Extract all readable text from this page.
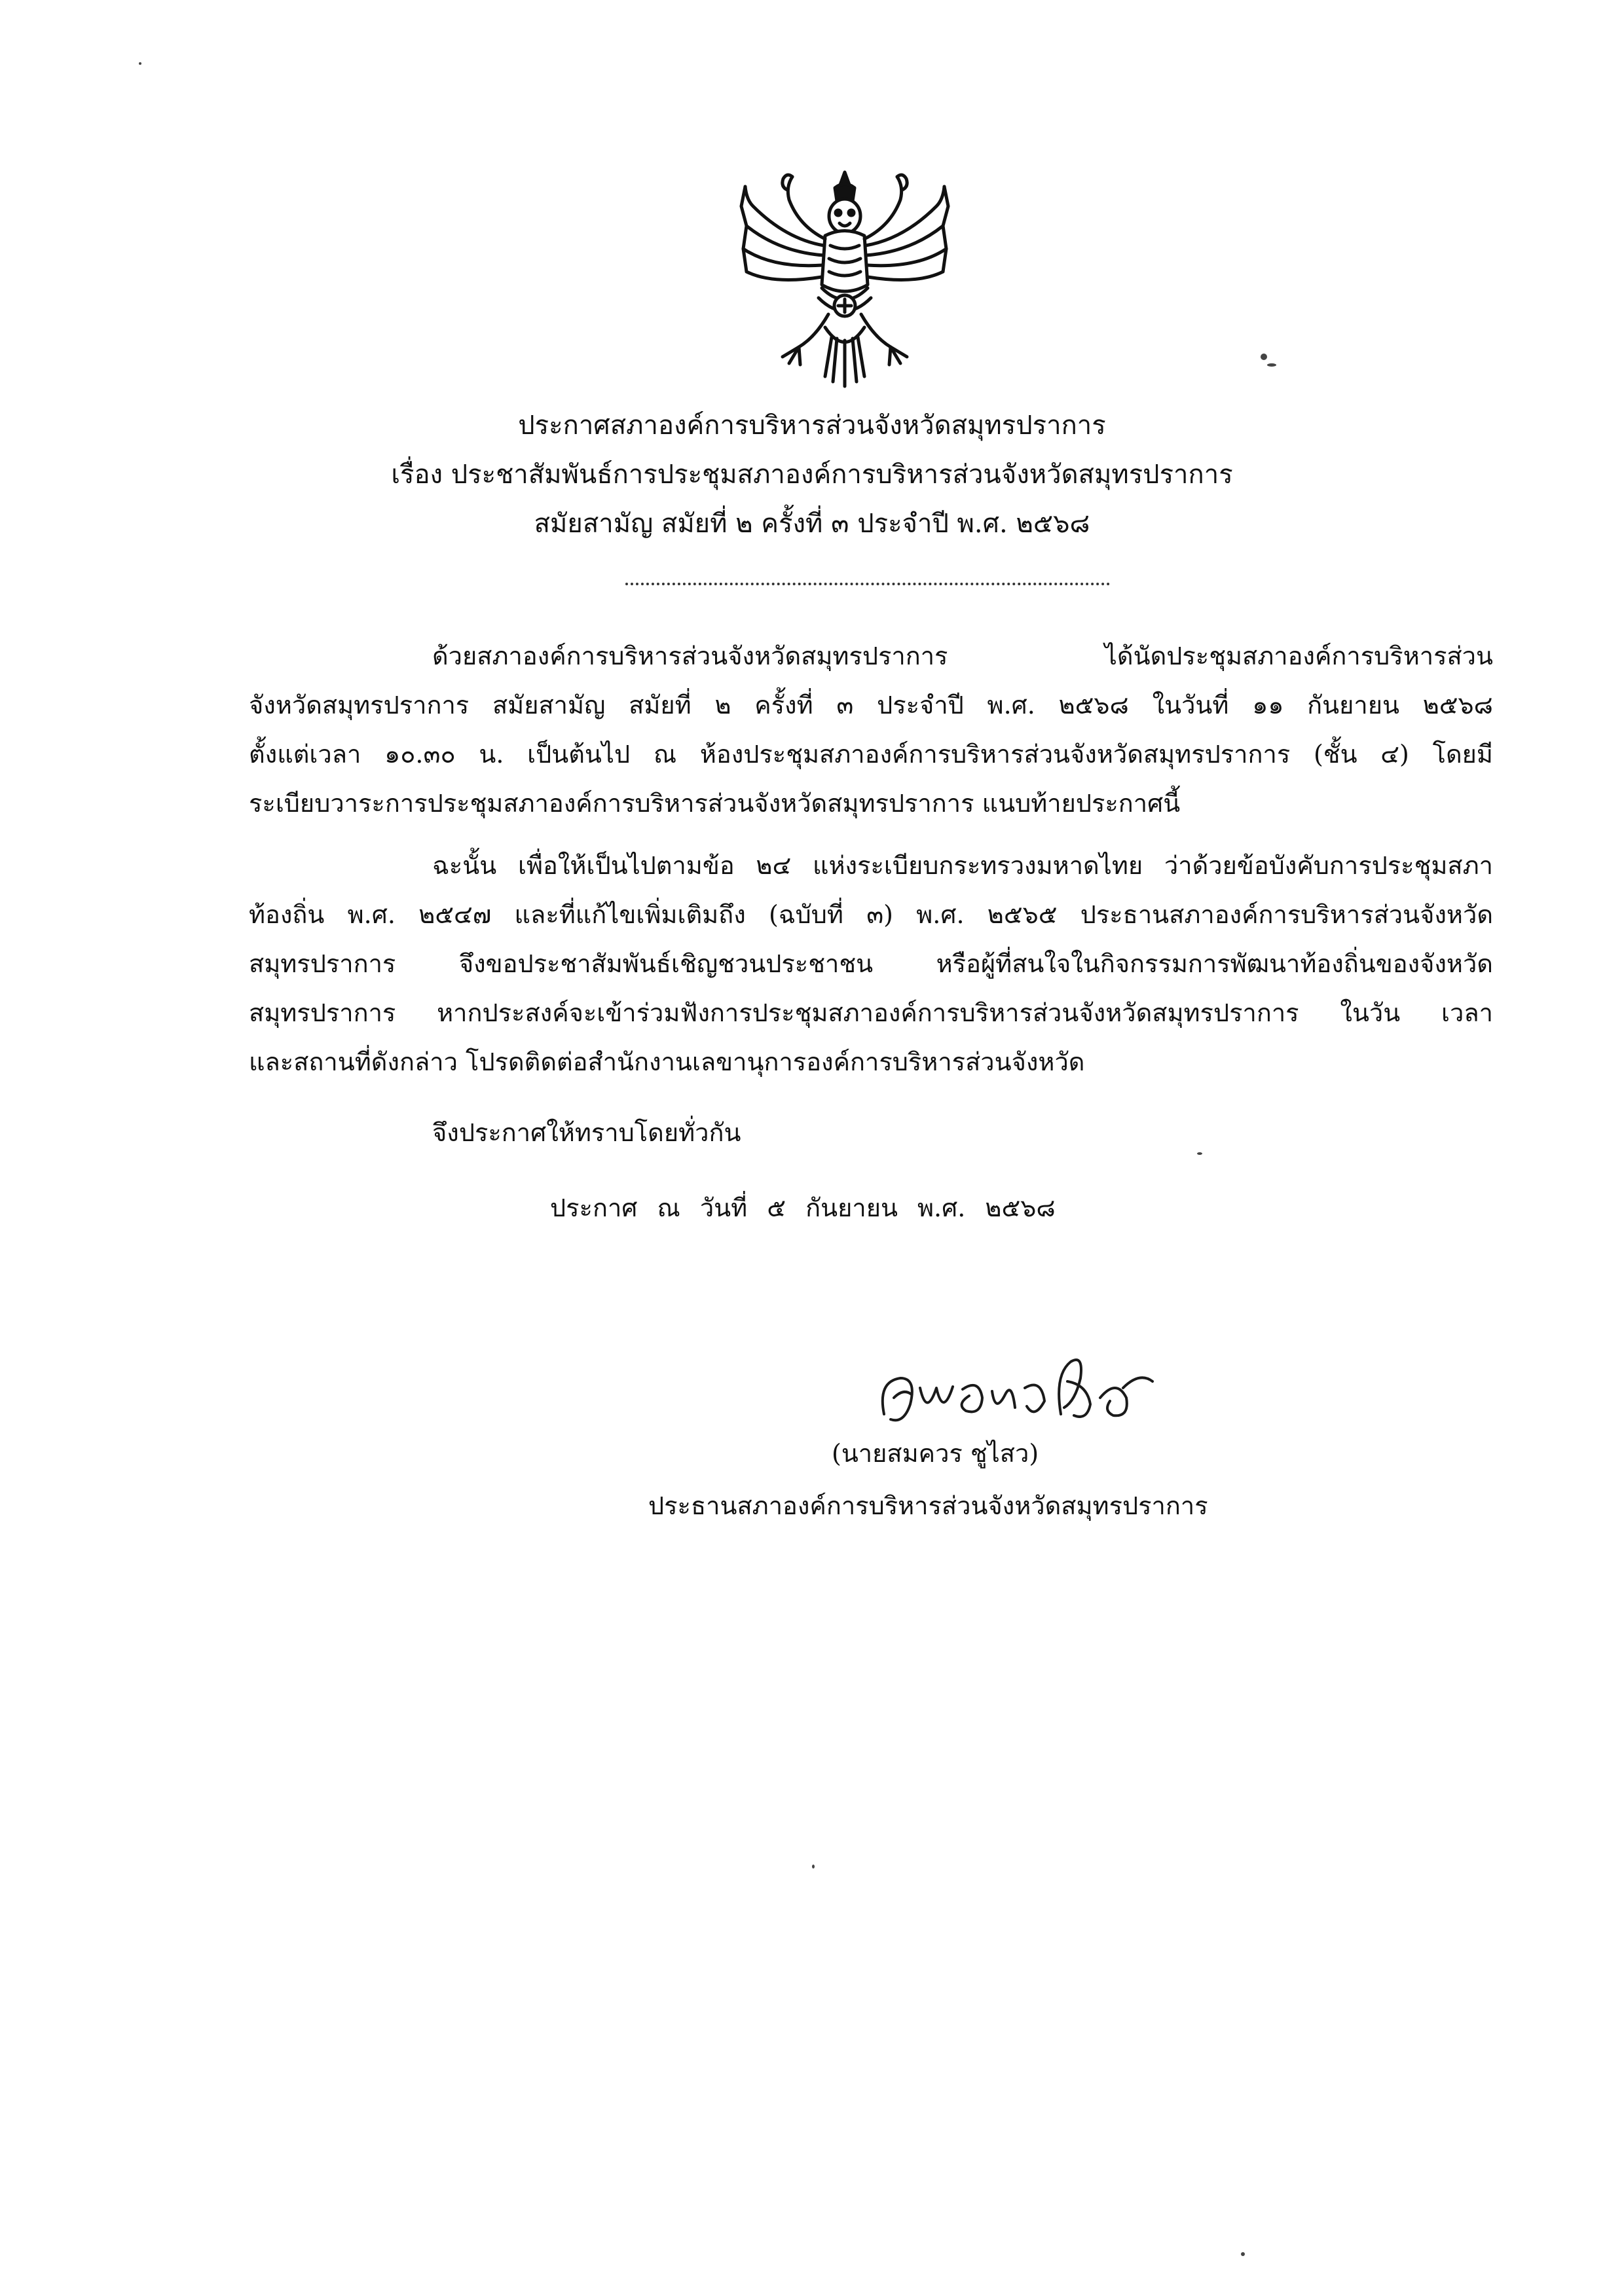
ประกาศสภาองค์การบริหารส่วนจังหวัดสมุทรปราการ
เรื่อง ประชาสัมพันธ์การประชุมสภาองค์การบริหารส่วนจังหวัดสมุทรปราการ
สมัยสามัญ สมัยที่ ๒ ครั้งที่ ๓ ประจำปี พ.ศ. ๒๕๖๘
ด้วยสภาองค์การบริหารส่วนจังหวัดสมุทรปราการ ได้นัดประชุมสภาองค์การบริหารส่วน
จังหวัดสมุทรปราการ สมัยสามัญ สมัยที่ ๒ ครั้งที่ ๓ ประจำปี พ.ศ. ๒๕๖๘ ในวันที่ ๑๑ กันยายน ๒๕๖๘
ตั้งแต่เวลา ๑๐.๓๐ น. เป็นต้นไป ณ ห้องประชุมสภาองค์การบริหารส่วนจังหวัดสมุทรปราการ (ชั้น ๔) โดยมี
ระเบียบวาระการประชุมสภาองค์การบริหารส่วนจังหวัดสมุทรปราการ แนบท้ายประกาศนี้
ฉะนั้น เพื่อให้เป็นไปตามข้อ ๒๔ แห่งระเบียบกระทรวงมหาดไทย ว่าด้วยข้อบังคับการประชุมสภา
ท้องถิ่น พ.ศ. ๒๕๔๗ และที่แก้ไขเพิ่มเติมถึง (ฉบับที่ ๓) พ.ศ. ๒๕๖๕ ประธานสภาองค์การบริหารส่วนจังหวัด
สมุทรปราการ จึงขอประชาสัมพันธ์เชิญชวนประชาชน หรือผู้ที่สนใจในกิจกรรมการพัฒนาท้องถิ่นของจังหวัด
สมุทรปราการ หากประสงค์จะเข้าร่วมฟังการประชุมสภาองค์การบริหารส่วนจังหวัดสมุทรปราการ ในวัน เวลา
และสถานที่ดังกล่าว โปรดติดต่อสำนักงานเลขานุการองค์การบริหารส่วนจังหวัด
จึงประกาศให้ทราบโดยทั่วกัน
ประกาศ ณ วันที่ ๕ กันยายน พ.ศ. ๒๕๖๘
(นายสมควร ชูไสว)
ประธานสภาองค์การบริหารส่วนจังหวัดสมุทรปราการ
